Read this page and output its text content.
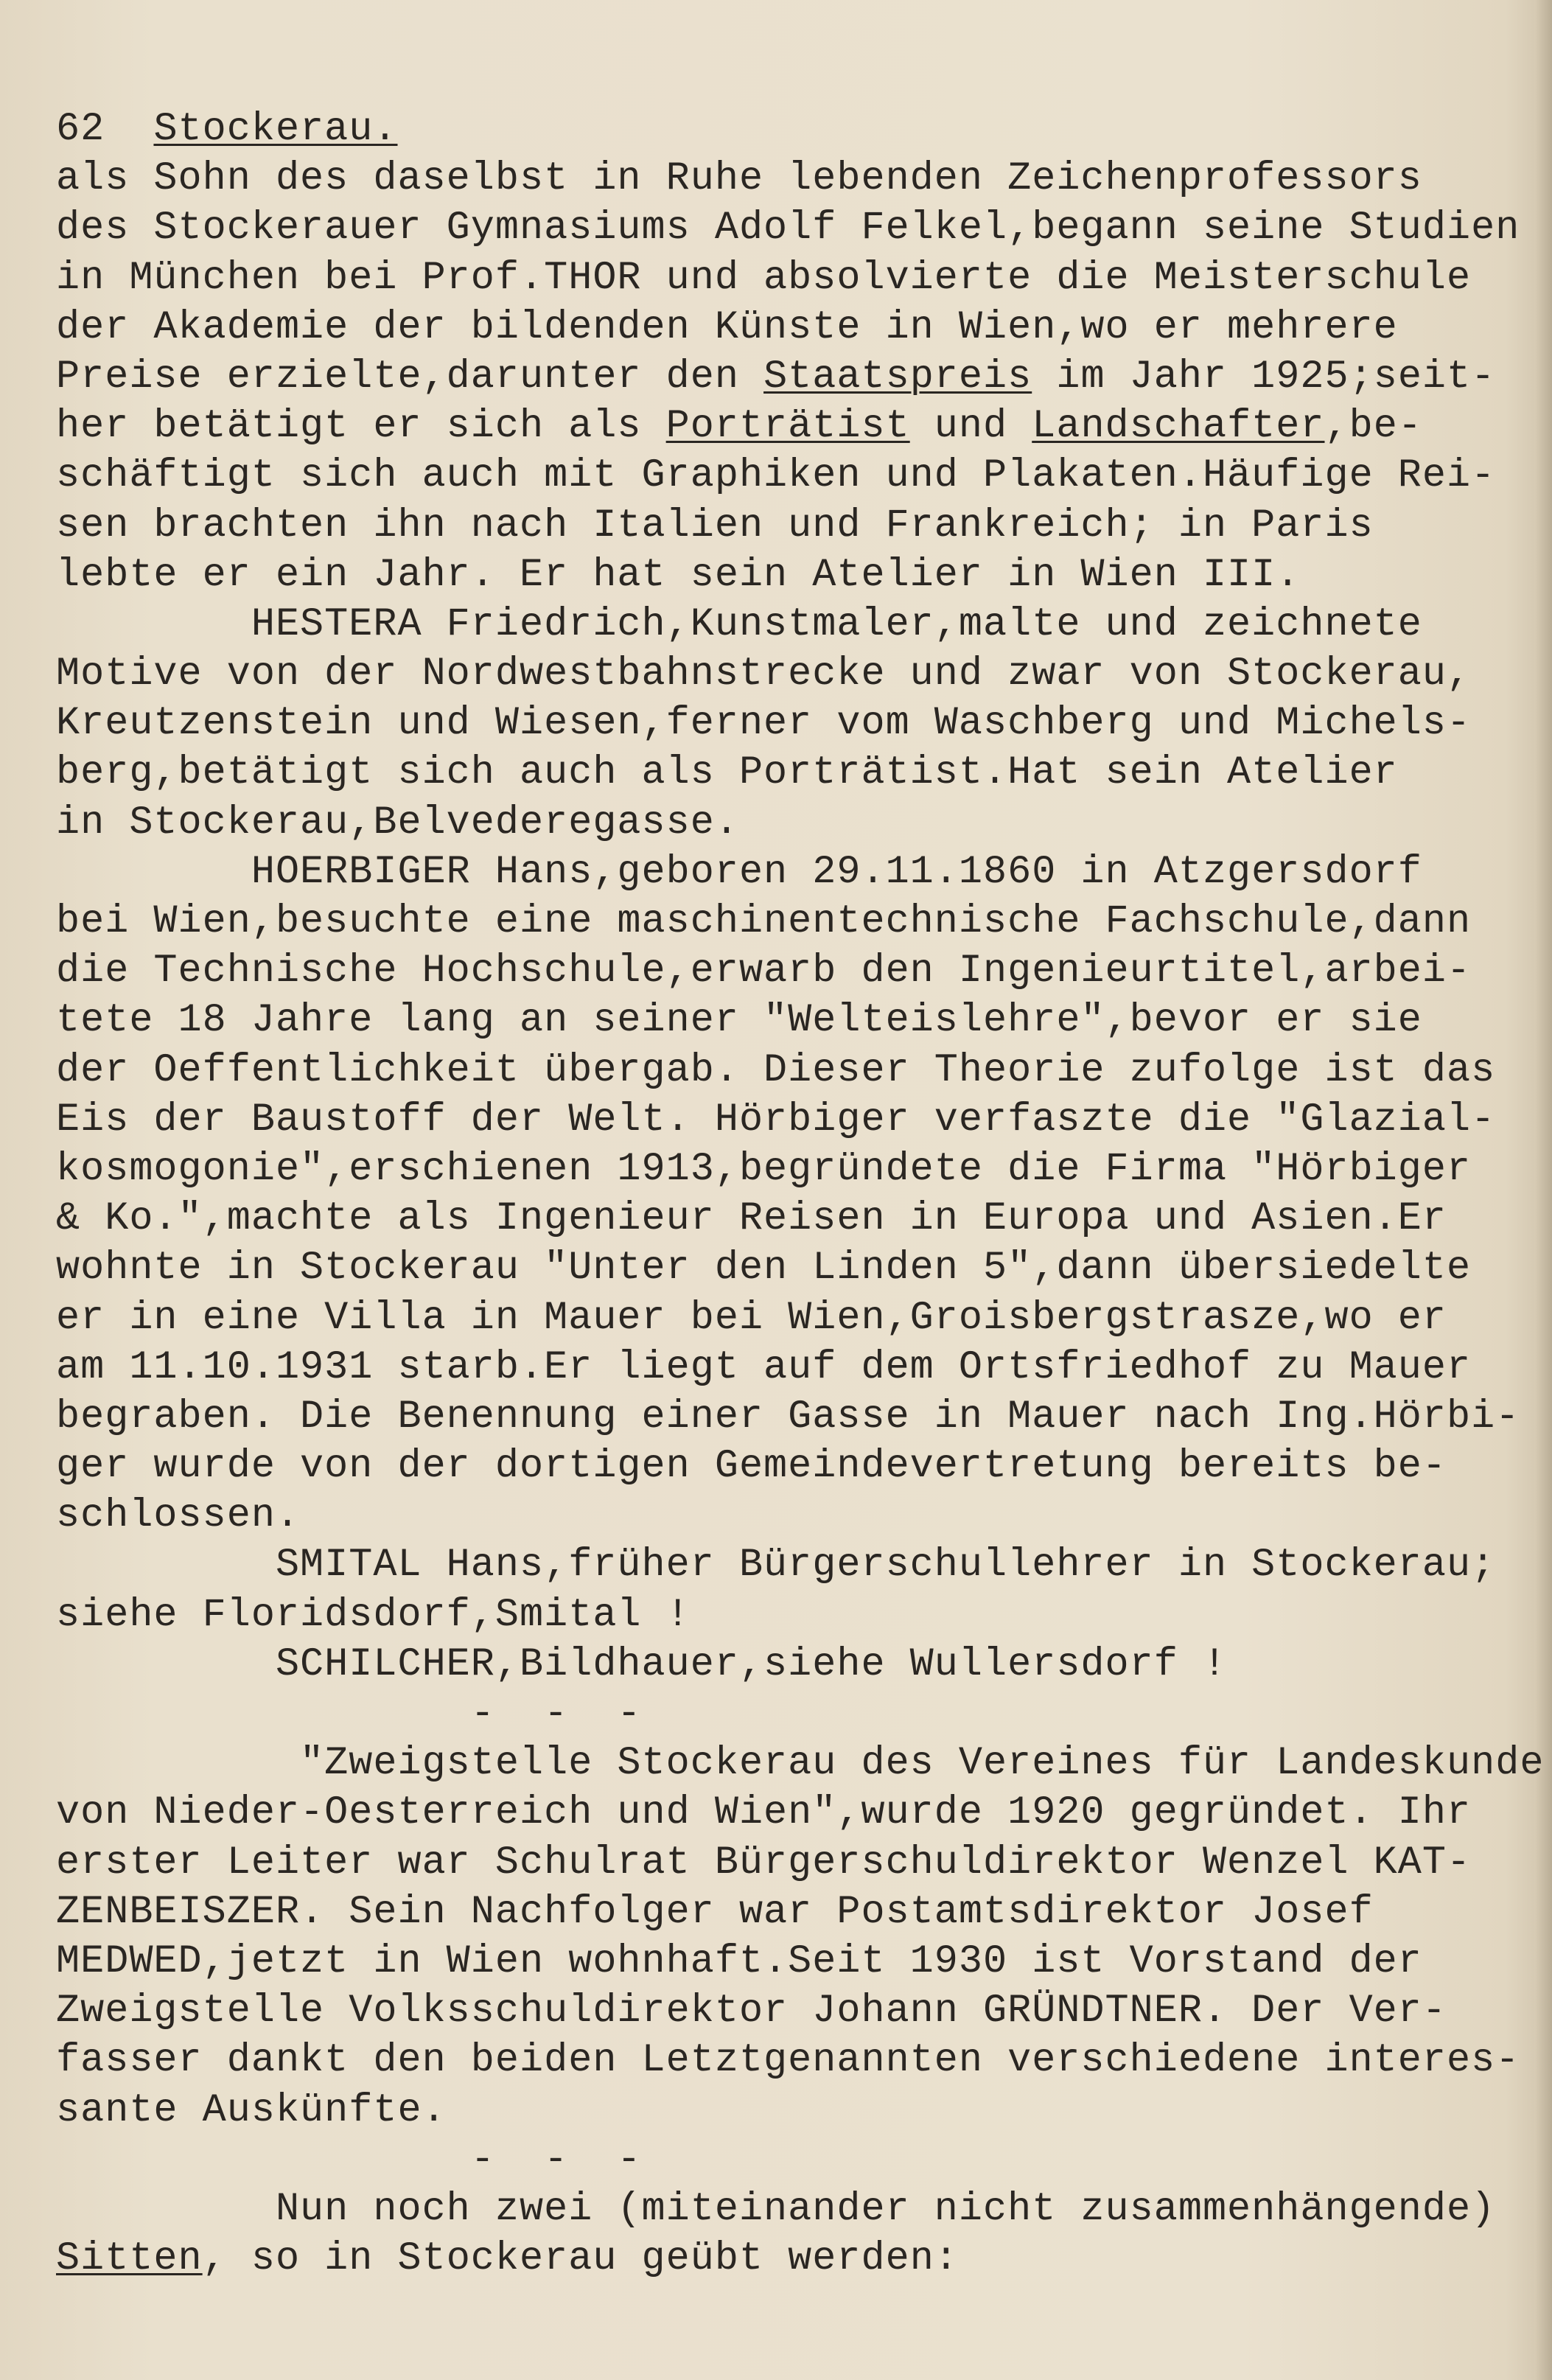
62 Stockerau.
als Sohn des daselbst in Ruhe lebenden Zeichenprofessors
des Stockerauer Gymnasiums Adolf Felkel,begann seine Studien
in München bei Prof.THOR und absolvierte die Meisterschule
der Akademie der bildenden Künste in Wien,wo er mehrere
Preise erzielte,darunter den Staatspreis im Jahr 1925;seit-
her betätigt er sich als Porträtist und Landschafter,be-
schäftigt sich auch mit Graphiken und Plakaten.Häufige Rei-
sen brachten ihn nach Italien und Frankreich; in Paris
lebte er ein Jahr. Er hat sein Atelier in Wien III.
HESTERA Friedrich,Kunstmaler,malte und zeichnete
Motive von der Nordwestbahnstrecke und zwar von Stockerau,
Kreutzenstein und Wiesen,ferner vom Waschberg und Michels-
berg,betätigt sich auch als Porträtist.Hat sein Atelier
in Stockerau,Belvederegasse.
HOERBIGER Hans,geboren 29.11.1860 in Atzgersdorf
bei Wien,besuchte eine maschinentechnische Fachschule,dann
die Technische Hochschule,erwarb den Ingenieurtitel,arbei-
tete 18 Jahre lang an seiner "Welteislehre",bevor er sie
der Oeffentlichkeit übergab. Dieser Theorie zufolge ist das
Eis der Baustoff der Welt. Hörbiger verfaszte die "Glazial-
kosmogonie",erschienen 1913,begründete die Firma "Hörbiger
& Ko.",machte als Ingenieur Reisen in Europa und Asien.Er
wohnte in Stockerau "Unter den Linden 5",dann übersiedelte
er in eine Villa in Mauer bei Wien,Groisbergstrasze,wo er
am 11.10.1931 starb.Er liegt auf dem Ortsfriedhof zu Mauer
begraben. Die Benennung einer Gasse in Mauer nach Ing.Hörbi-
ger wurde von der dortigen Gemeindevertretung bereits be-
schlossen.
SMITAL Hans,früher Bürgerschullehrer in Stockerau;
siehe Floridsdorf,Smital !
SCHILCHER,Bildhauer,siehe Wullersdorf !
-  -  -
"Zweigstelle Stockerau des Vereines für Landeskunde
von Nieder-Oesterreich und Wien",wurde 1920 gegründet. Ihr
erster Leiter war Schulrat Bürgerschuldirektor Wenzel KAT-
ZENBEISZER. Sein Nachfolger war Postamtsdirektor Josef
MEDWED,jetzt in Wien wohnhaft.Seit 1930 ist Vorstand der
Zweigstelle Volksschuldirektor Johann GRÜNDTNER. Der Ver-
fasser dankt den beiden Letztgenannten verschiedene interes-
sante Auskünfte.
-  -  -
Nun noch zwei (miteinander nicht zusammenhängende)
Sitten, so in Stockerau geübt werden:
